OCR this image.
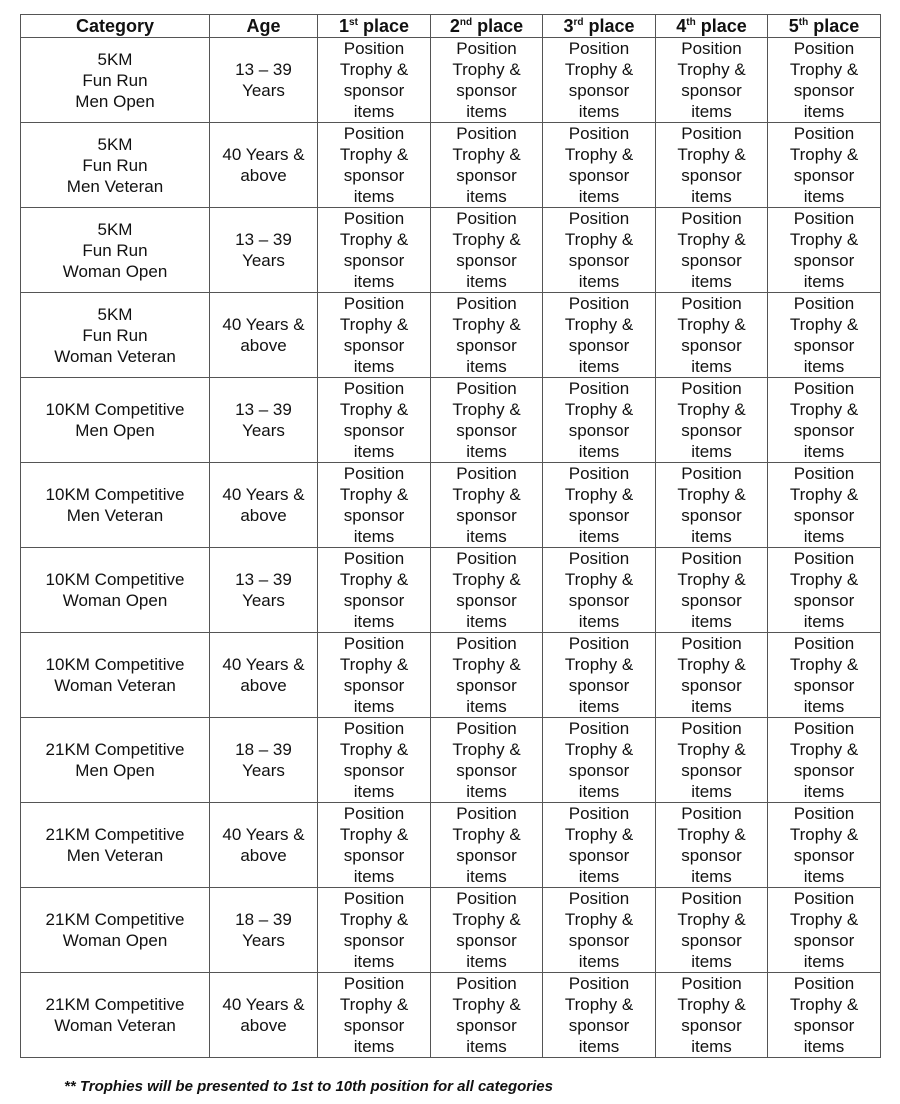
Category	Age	1st place	2nd place	3rd place	4th place	5th place

5KM
Fun Run
Men Open	13 – 39
Years	Position
Trophy &
sponsor
items	Position
Trophy &
sponsor
items	Position
Trophy &
sponsor
items	Position
Trophy &
sponsor
items	Position
Trophy &
sponsor
items

5KM
Fun Run
Men Veteran	40 Years &
above	Position
Trophy &
sponsor
items	Position
Trophy &
sponsor
items	Position
Trophy &
sponsor
items	Position
Trophy &
sponsor
items	Position
Trophy &
sponsor
items

5KM
Fun Run
Woman Open	13 – 39
Years	Position
Trophy &
sponsor
items	Position
Trophy &
sponsor
items	Position
Trophy &
sponsor
items	Position
Trophy &
sponsor
items	Position
Trophy &
sponsor
items

5KM
Fun Run
Woman Veteran	40 Years &
above	Position
Trophy &
sponsor
items	Position
Trophy &
sponsor
items	Position
Trophy &
sponsor
items	Position
Trophy &
sponsor
items	Position
Trophy &
sponsor
items

10KM Competitive
Men Open	13 – 39
Years	Position
Trophy &
sponsor
items	Position
Trophy &
sponsor
items	Position
Trophy &
sponsor
items	Position
Trophy &
sponsor
items	Position
Trophy &
sponsor
items

10KM Competitive
Men Veteran	40 Years &
above	Position
Trophy &
sponsor
items	Position
Trophy &
sponsor
items	Position
Trophy &
sponsor
items	Position
Trophy &
sponsor
items	Position
Trophy &
sponsor
items

10KM Competitive
Woman Open	13 – 39
Years	Position
Trophy &
sponsor
items	Position
Trophy &
sponsor
items	Position
Trophy &
sponsor
items	Position
Trophy &
sponsor
items	Position
Trophy &
sponsor
items

10KM Competitive
Woman Veteran	40 Years &
above	Position
Trophy &
sponsor
items	Position
Trophy &
sponsor
items	Position
Trophy &
sponsor
items	Position
Trophy &
sponsor
items	Position
Trophy &
sponsor
items

21KM Competitive
Men Open	18 – 39
Years	Position
Trophy &
sponsor
items	Position
Trophy &
sponsor
items	Position
Trophy &
sponsor
items	Position
Trophy &
sponsor
items	Position
Trophy &
sponsor
items

21KM Competitive
Men Veteran	40 Years &
above	Position
Trophy &
sponsor
items	Position
Trophy &
sponsor
items	Position
Trophy &
sponsor
items	Position
Trophy &
sponsor
items	Position
Trophy &
sponsor
items

21KM Competitive
Woman Open	18 – 39
Years	Position
Trophy &
sponsor
items	Position
Trophy &
sponsor
items	Position
Trophy &
sponsor
items	Position
Trophy &
sponsor
items	Position
Trophy &
sponsor
items

21KM Competitive
Woman Veteran	40 Years &
above	Position
Trophy &
sponsor
items	Position
Trophy &
sponsor
items	Position
Trophy &
sponsor
items	Position
Trophy &
sponsor
items	Position
Trophy &
sponsor
items
** Trophies will be presented to 1st to 10th position for all categories
